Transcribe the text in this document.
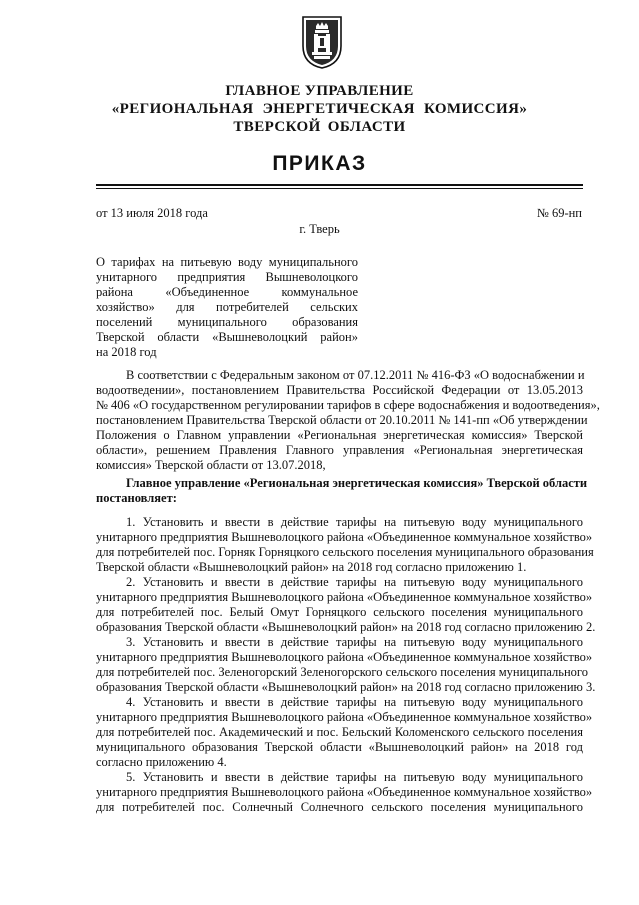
ГЛАВНОЕ УПРАВЛЕНИЕ
«РЕГИОНАЛЬНАЯ ЭНЕРГЕТИЧЕСКАЯ КОМИССИЯ»
ТВЕРСКОЙ ОБЛАСТИ
ПРИКАЗ
от 13 июля 2018 года	№ 69-нп
г. Тверь
О тарифах на питьевую воду муниципального
унитарного предприятия Вышневолоцкого
района «Объединенное коммунальное
хозяйство» для потребителей сельских
поселений муниципального образования
Тверской области «Вышневолоцкий район»
на 2018 год
В соответствии с Федеральным законом от 07.12.2011 № 416-ФЗ «О водоснабжении и
водоотведении», постановлением Правительства Российской Федерации от 13.05.2013
№ 406 «О государственном регулировании тарифов в сфере водоснабжения и водоотведения»,
постановлением Правительства Тверской области от 20.10.2011 № 141-пп «Об утверждении
Положения о Главном управлении «Региональная энергетическая комиссия» Тверской
области», решением Правления Главного управления «Региональная энергетическая
комиссия» Тверской области от 13.07.2018,
Главное управление «Региональная энергетическая комиссия» Тверской области
постановляет:
1. Установить и ввести в действие тарифы на питьевую воду муниципального
унитарного предприятия Вышневолоцкого района «Объединенное коммунальное хозяйство»
для потребителей пос. Горняк Горняцкого сельского поселения муниципального образования
Тверской области «Вышневолоцкий район» на 2018 год согласно приложению 1.
2. Установить и ввести в действие тарифы на питьевую воду муниципального
унитарного предприятия Вышневолоцкого района «Объединенное коммунальное хозяйство»
для потребителей пос. Белый Омут Горняцкого сельского поселения муниципального
образования Тверской области «Вышневолоцкий район» на 2018 год согласно приложению 2.
3. Установить и ввести в действие тарифы на питьевую воду муниципального
унитарного предприятия Вышневолоцкого района «Объединенное коммунальное хозяйство»
для потребителей пос. Зеленогорский Зеленогорского сельского поселения муниципального
образования Тверской области «Вышневолоцкий район» на 2018 год согласно приложению 3.
4. Установить и ввести в действие тарифы на питьевую воду муниципального
унитарного предприятия Вышневолоцкого района «Объединенное коммунальное хозяйство»
для потребителей пос. Академический и пос. Бельский Коломенского сельского поселения
муниципального образования Тверской области «Вышневолоцкий район» на 2018 год
согласно приложению 4.
5. Установить и ввести в действие тарифы на питьевую воду муниципального
унитарного предприятия Вышневолоцкого района «Объединенное коммунальное хозяйство»
для потребителей пос. Солнечный Солнечного сельского поселения муниципального
